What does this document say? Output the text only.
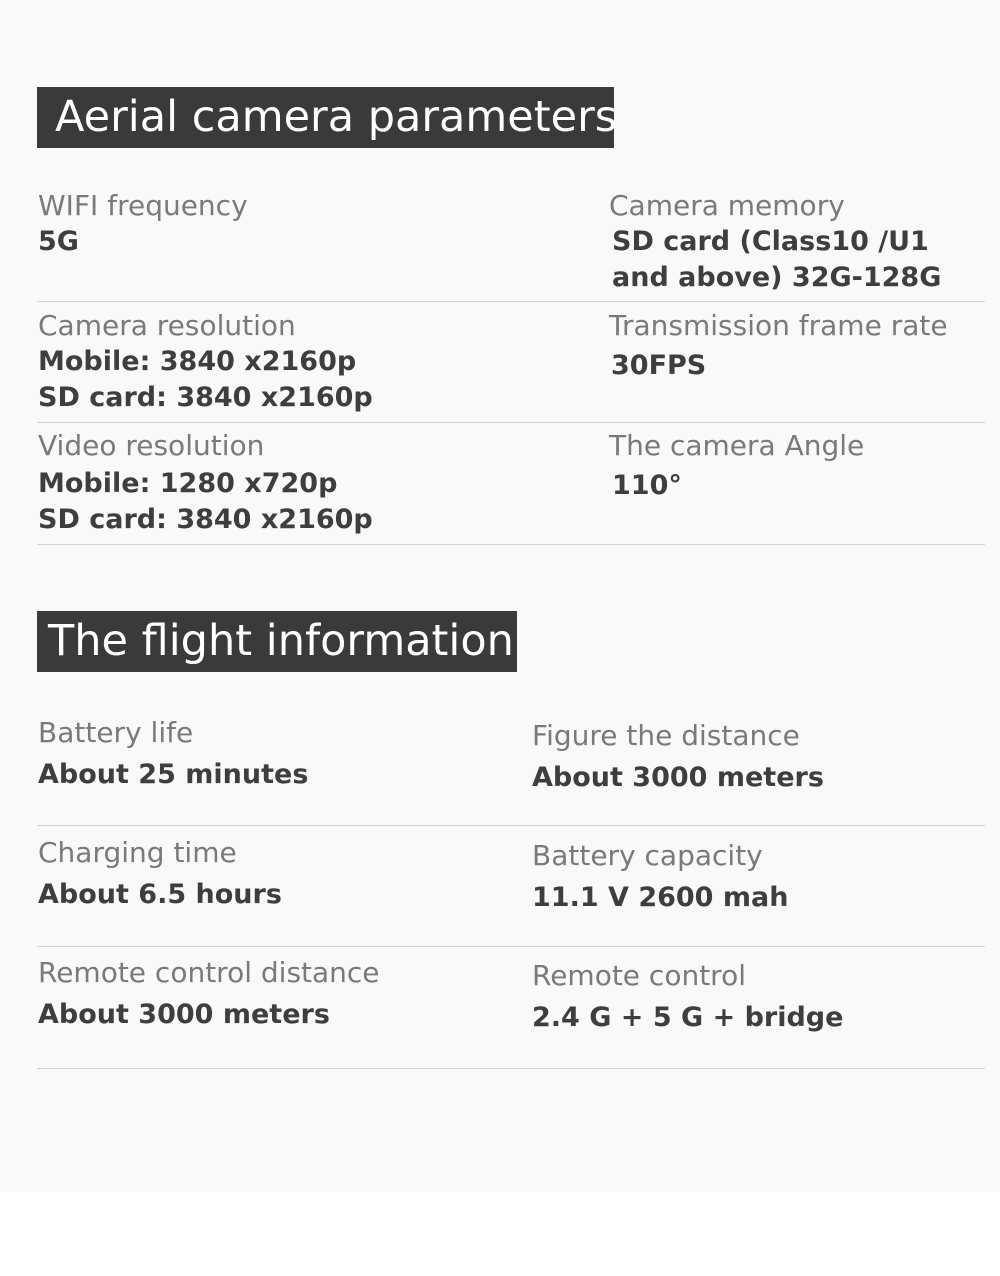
Aerial camera parameters
WIFI frequency
5G
Camera memory
SD card (Class10 /U1
and above) 32G-128G
Camera resolution
Mobile: 3840 x2160p
SD card: 3840 x2160p
Transmission frame rate
30FPS
Video resolution
Mobile: 1280 x720p
SD card: 3840 x2160p
The camera Angle
110°
The flight information
Battery life
About 25 minutes
Figure the distance
About 3000 meters
Charging time
About 6.5 hours
Battery capacity
11.1 V 2600 mah
Remote control distance
About 3000 meters
Remote control
2.4 G + 5 G + bridge
